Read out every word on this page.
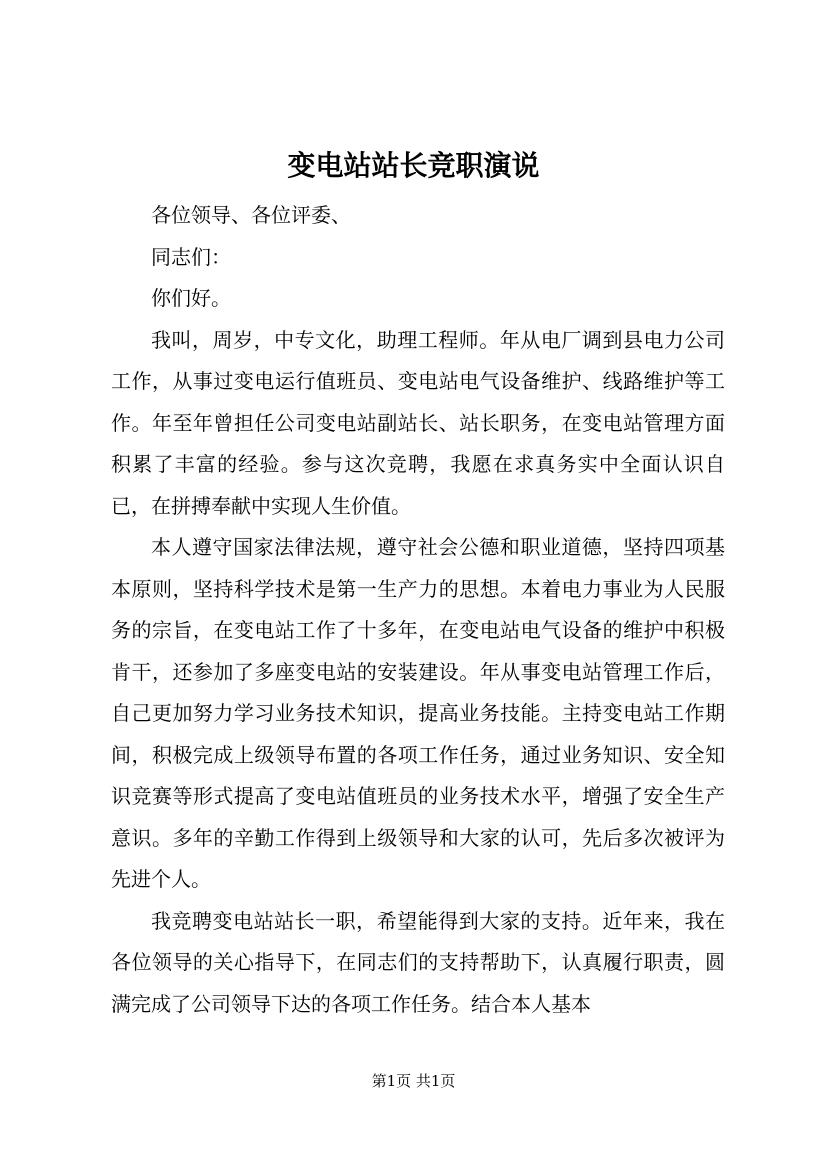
变电站站长竞职演说

各位领导、各位评委、

同志们：

你们好。

我叫，周岁，中专文化，助理工程师。年从电厂调到县电力公司工作，从事过变电运行值班员、变电站电气设备维护、线路维护等工作。年至年曾担任公司变电站副站长、站长职务，在变电站管理方面积累了丰富的经验。参与这次竞聘，我愿在求真务实中全面认识自已，在拼搏奉献中实现人生价值。

本人遵守国家法律法规，遵守社会公德和职业道德，坚持四项基本原则，坚持科学技术是第一生产力的思想。本着电力事业为人民服务的宗旨，在变电站工作了十多年，在变电站电气设备的维护中积极肯干，还参加了多座变电站的安装建设。年从事变电站管理工作后，自己更加努力学习业务技术知识，提高业务技能。主持变电站工作期间，积极完成上级领导布置的各项工作任务，通过业务知识、安全知识竞赛等形式提高了变电站值班员的业务技术水平，增强了安全生产意识。多年的辛勤工作得到上级领导和大家的认可，先后多次被评为先进个人。

我竞聘变电站站长一职，希望能得到大家的支持。近年来，我在各位领导的关心指导下，在同志们的支持帮助下，认真履行职责，圆满完成了公司领导下达的各项工作任务。结合本人基本

第1页 共1页
